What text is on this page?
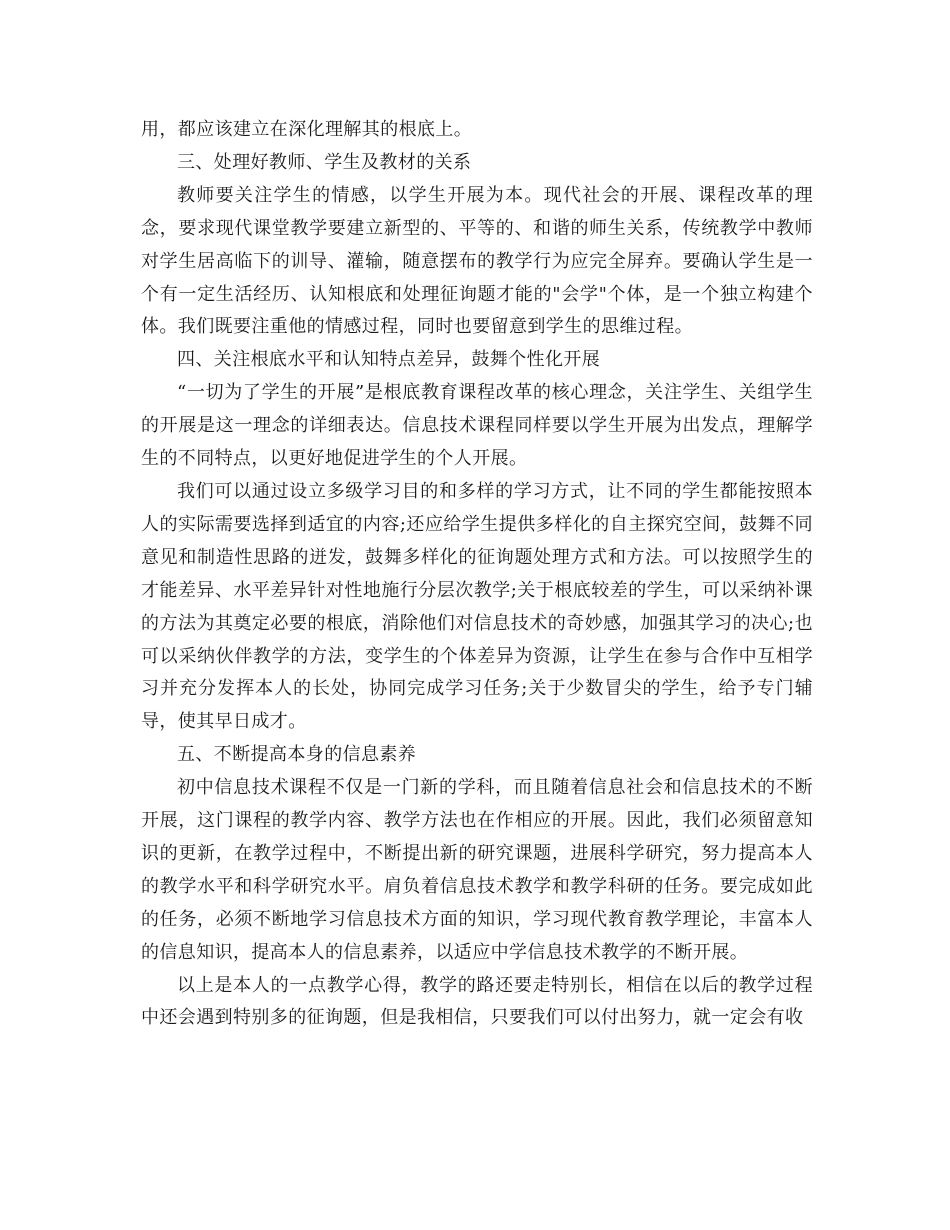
用，都应该建立在深化理解其的根底上。

三、处理好教师、学生及教材的关系

教师要关注学生的情感，以学生开展为本。现代社会的开展、课程改革的理念，要求现代课堂教学要建立新型的、平等的、和谐的师生关系，传统教学中教师对学生居高临下的训导、灌输，随意摆布的教学行为应完全屏弃。要确认学生是一个有一定生活经历、认知根底和处理征询题才能的"会学"个体，是一个独立构建个体。我们既要注重他的情感过程，同时也要留意到学生的思维过程。

四、关注根底水平和认知特点差异，鼓舞个性化开展

“一切为了学生的开展”是根底教育课程改革的核心理念，关注学生、关组学生的开展是这一理念的详细表达。信息技术课程同样要以学生开展为出发点，理解学生的不同特点，以更好地促进学生的个人开展。

我们可以通过设立多级学习目的和多样的学习方式，让不同的学生都能按照本人的实际需要选择到适宜的内容;还应给学生提供多样化的自主探究空间，鼓舞不同意见和制造性思路的迸发，鼓舞多样化的征询题处理方式和方法。可以按照学生的才能差异、水平差异针对性地施行分层次教学;关于根底较差的学生，可以采纳补课的方法为其奠定必要的根底，消除他们对信息技术的奇妙感，加强其学习的决心;也可以采纳伙伴教学的方法，变学生的个体差异为资源，让学生在参与合作中互相学习并充分发挥本人的长处，协同完成学习任务;关于少数冒尖的学生，给予专门辅导，使其早日成才。

五、不断提高本身的信息素养

初中信息技术课程不仅是一门新的学科，而且随着信息社会和信息技术的不断开展，这门课程的教学内容、教学方法也在作相应的开展。因此，我们必须留意知识的更新，在教学过程中，不断提出新的研究课题，进展科学研究，努力提高本人的教学水平和科学研究水平。肩负着信息技术教学和教学科研的任务。要完成如此的任务，必须不断地学习信息技术方面的知识，学习现代教育教学理论，丰富本人的信息知识，提高本人的信息素养，以适应中学信息技术教学的不断开展。

以上是本人的一点教学心得，教学的路还要走特别长，相信在以后的教学过程中还会遇到特别多的征询题，但是我相信，只要我们可以付出努力，就一定会有收
